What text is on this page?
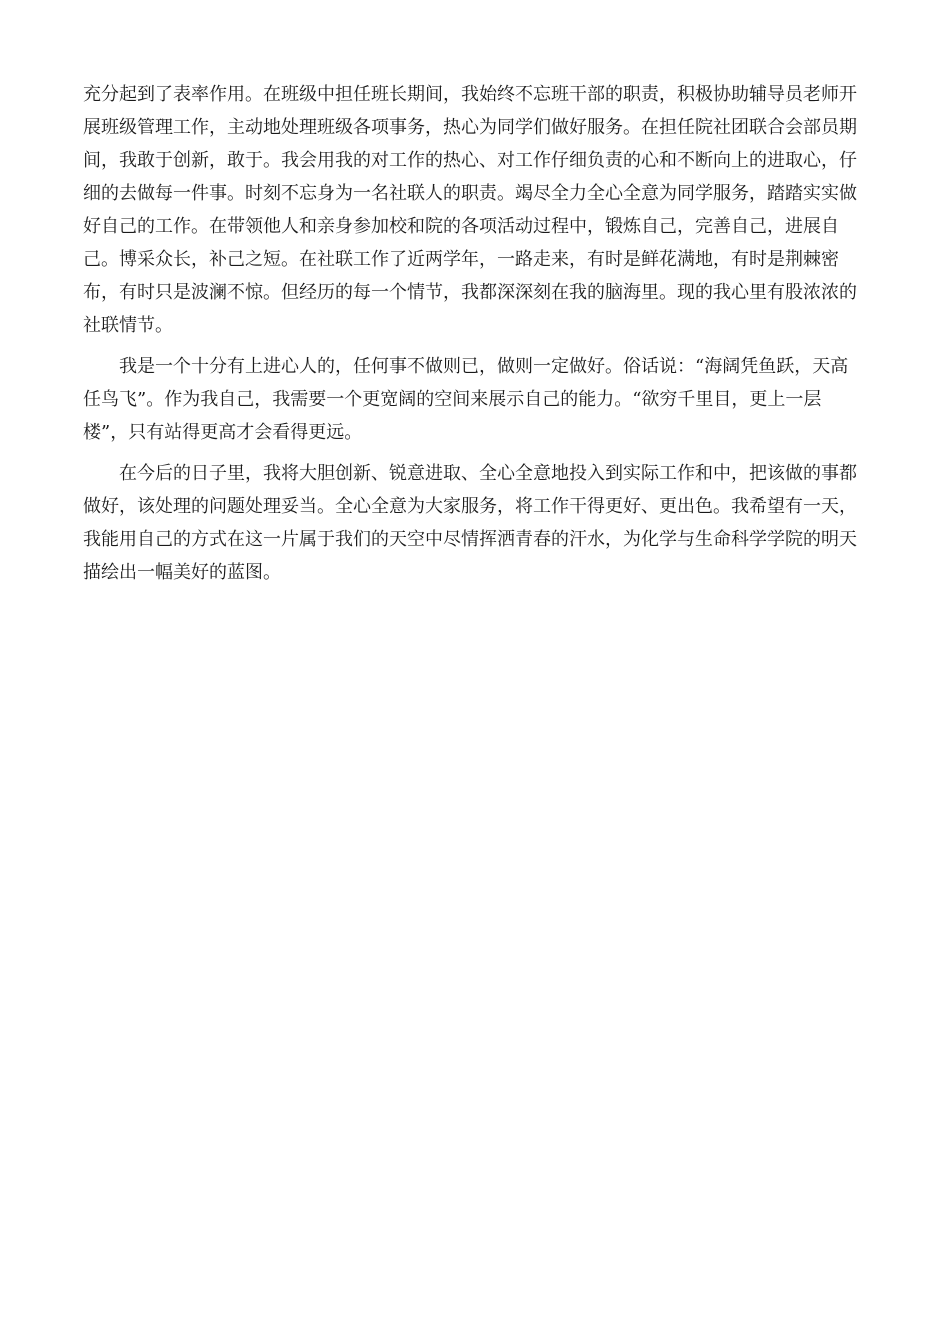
充分起到了表率作用。在班级中担任班长期间，我始终不忘班干部的职责，积极协助辅导员老师开
展班级管理工作，主动地处理班级各项事务，热心为同学们做好服务。在担任院社团联合会部员期
间，我敢于创新，敢于。我会用我的对工作的热心、对工作仔细负责的心和不断向上的进取心，仔
细的去做每一件事。时刻不忘身为一名社联人的职责。竭尽全力全心全意为同学服务，踏踏实实做
好自己的工作。在带领他人和亲身参加校和院的各项活动过程中，锻炼自己，完善自己，进展自
己。博采众长，补己之短。在社联工作了近两学年，一路走来，有时是鲜花满地，有时是荆棘密
布，有时只是波澜不惊。但经历的每一个情节，我都深深刻在我的脑海里。现的我心里有股浓浓的
社联情节。

我是一个十分有上进心人的，任何事不做则已，做则一定做好。俗话说：“海阔凭鱼跃，天高
任鸟飞”。作为我自己，我需要一个更宽阔的空间来展示自己的能力。“欲穷千里目，更上一层
楼”，只有站得更高才会看得更远。

在今后的日子里，我将大胆创新、锐意进取、全心全意地投入到实际工作和中，把该做的事都
做好，该处理的问题处理妥当。全心全意为大家服务，将工作干得更好、更出色。我希望有一天，
我能用自己的方式在这一片属于我们的天空中尽情挥洒青春的汗水，为化学与生命科学学院的明天
描绘出一幅美好的蓝图。
